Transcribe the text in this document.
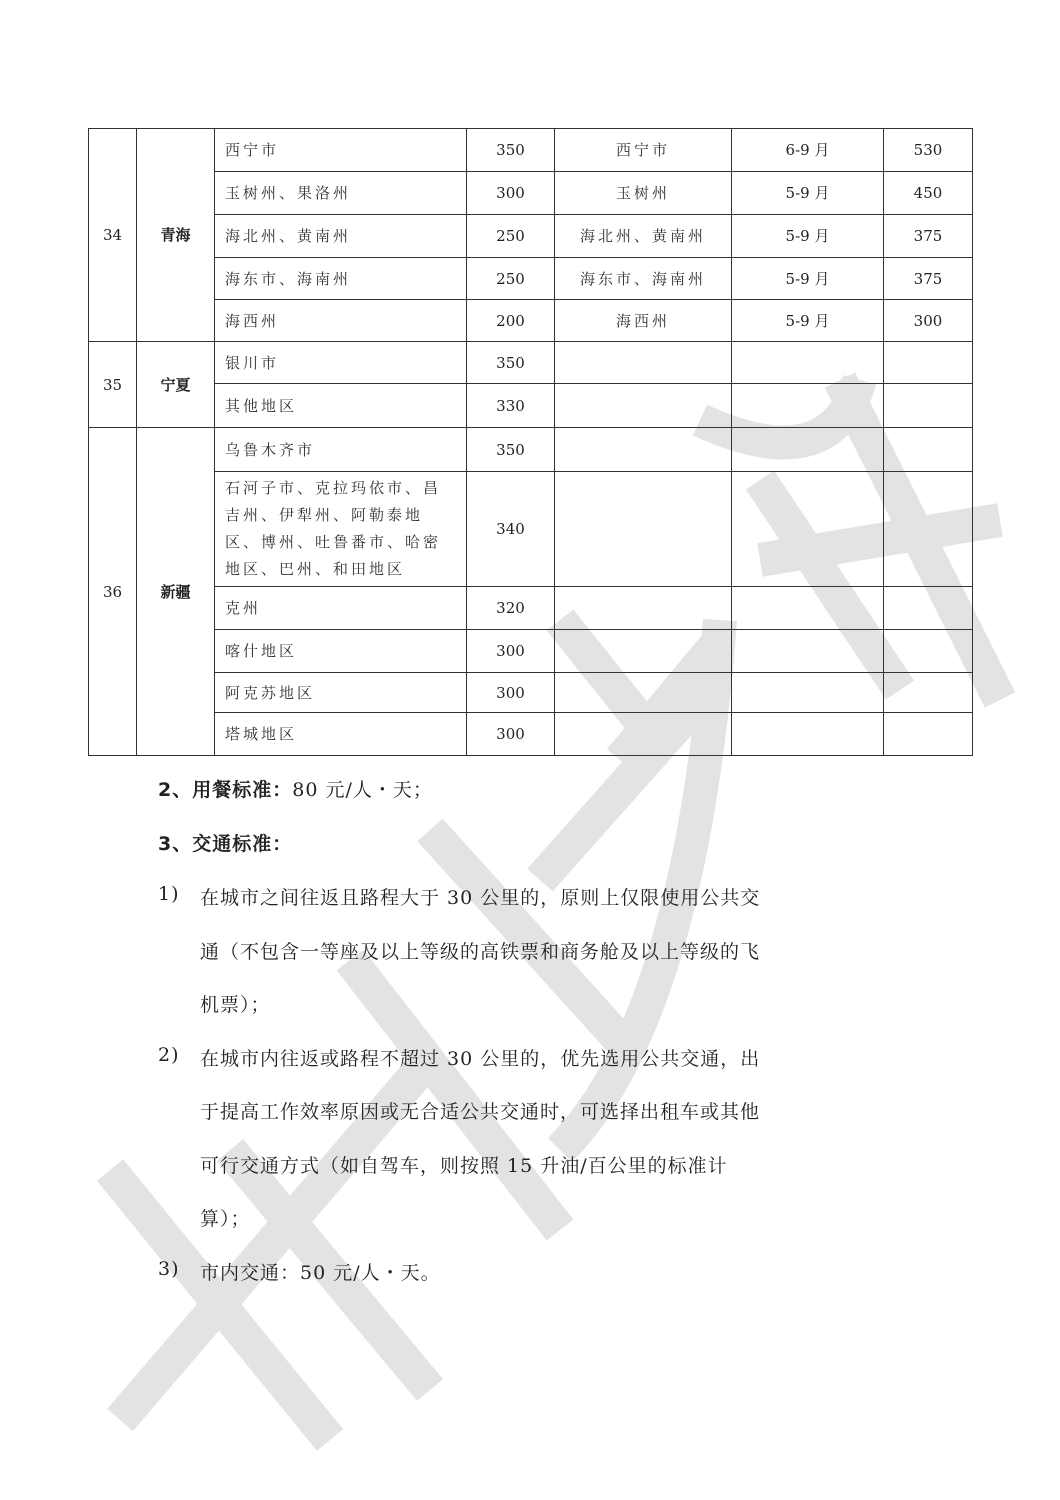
34	青海	西宁市	350	西宁市	6-9 月	530
		玉树州、果洛州	300	玉树州	5-9 月	450
		海北州、黄南州	250	海北州、黄南州	5-9 月	375
		海东市、海南州	250	海东市、海南州	5-9 月	375
		海西州	200	海西州	5-9 月	300
35	宁夏	银川市	350			
		其他地区	330			
36	新疆	乌鲁木齐市	350			

		石河子市、克拉玛依市、昌
吉州、伊犁州、阿勒泰地
区、博州、吐鲁番市、哈密
地区、巴州、和田地区	340			
		克州	320			
		喀什地区	300			
		阿克苏地区	300			
		塔城地区	300			
2、用餐标准：80 元/人・天；
3、交通标准：
1) 在城市之间往返且路程大于 30 公里的，原则上仅限使用公共交
通（不包含一等座及以上等级的高铁票和商务舱及以上等级的飞
机票）；
2) 在城市内往返或路程不超过 30 公里的，优先选用公共交通，出
于提高工作效率原因或无合适公共交通时，可选择出租车或其他
可行交通方式（如自驾车，则按照 15 升油/百公里的标准计
算）；
3) 市内交通：50 元/人・天。
